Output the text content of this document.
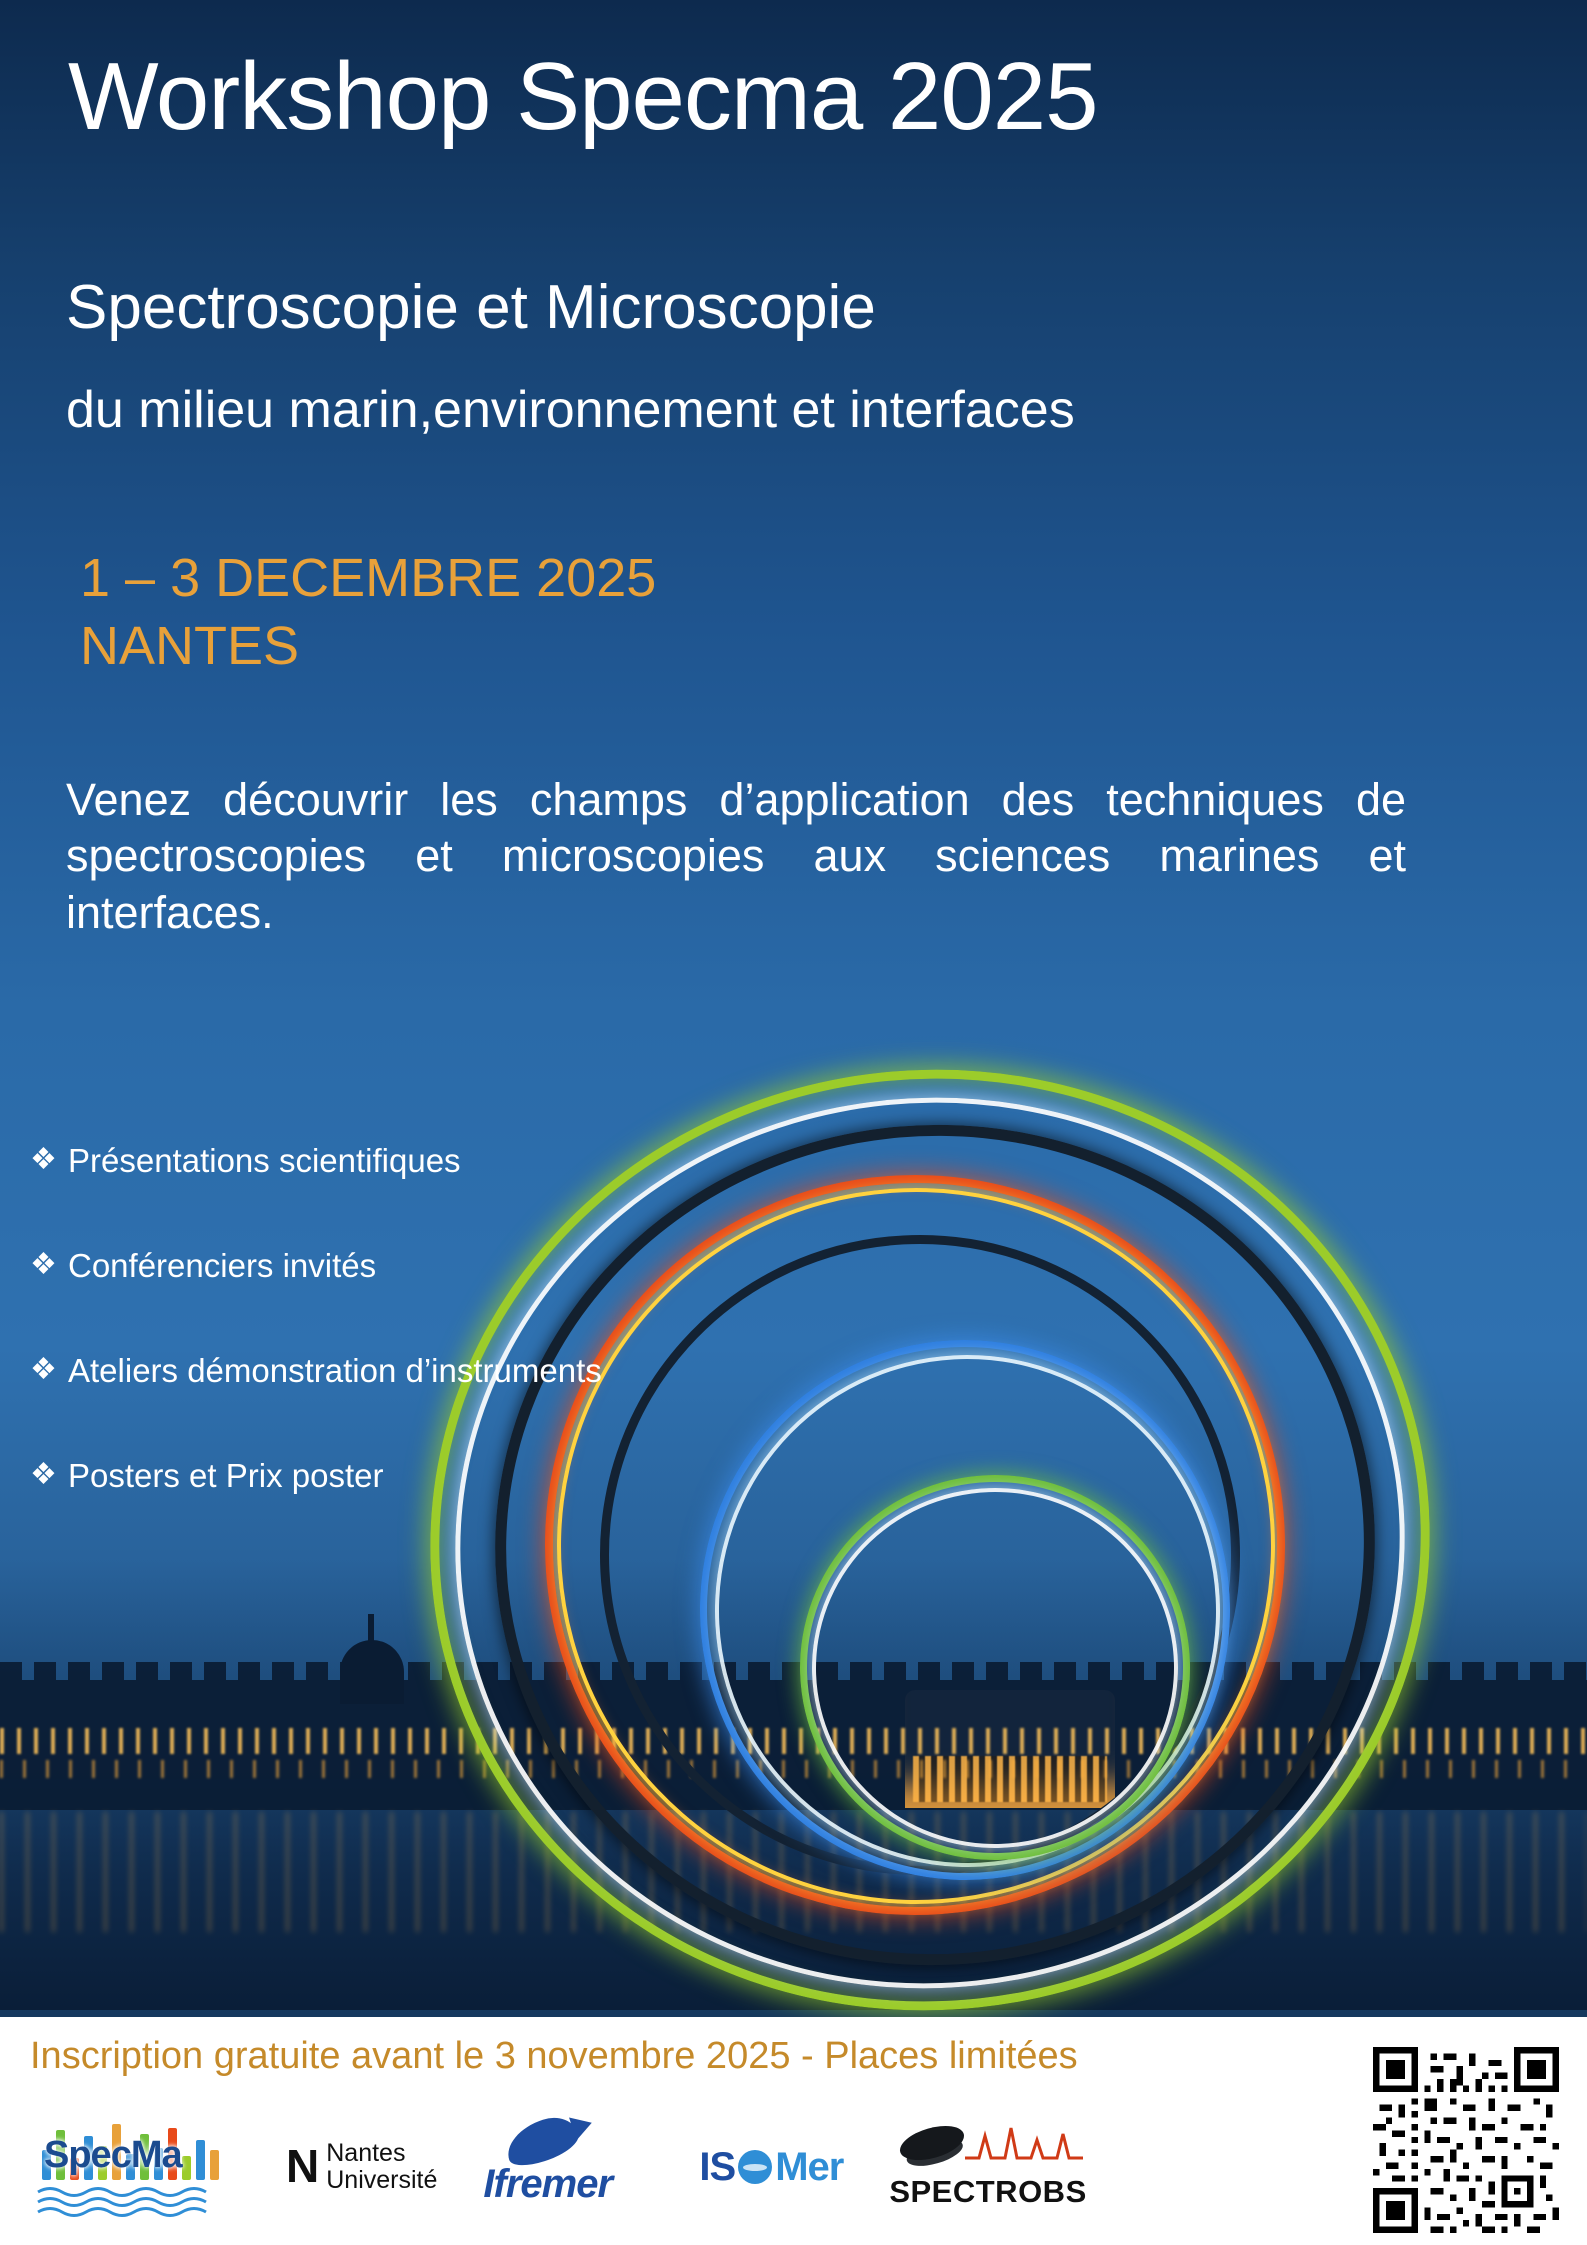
Workshop Specma 2025
Spectroscopie et Microscopie
du milieu marin,environnement et interfaces
1 – 3 DECEMBRE 2025
NANTES
Venez découvrir les champs d’application des techniques de spectroscopies et microscopies aux sciences marines et interfaces.
❖ Présentations scientifiques
❖ Conférenciers invités
❖ Ateliers démonstration d’instruments
❖ Posters et Prix poster
Inscription gratuite avant le 3 novembre 2025 - Places limitées
SpecMa N Nantes
Université Ifremer IS Mer
SPECTROBS
